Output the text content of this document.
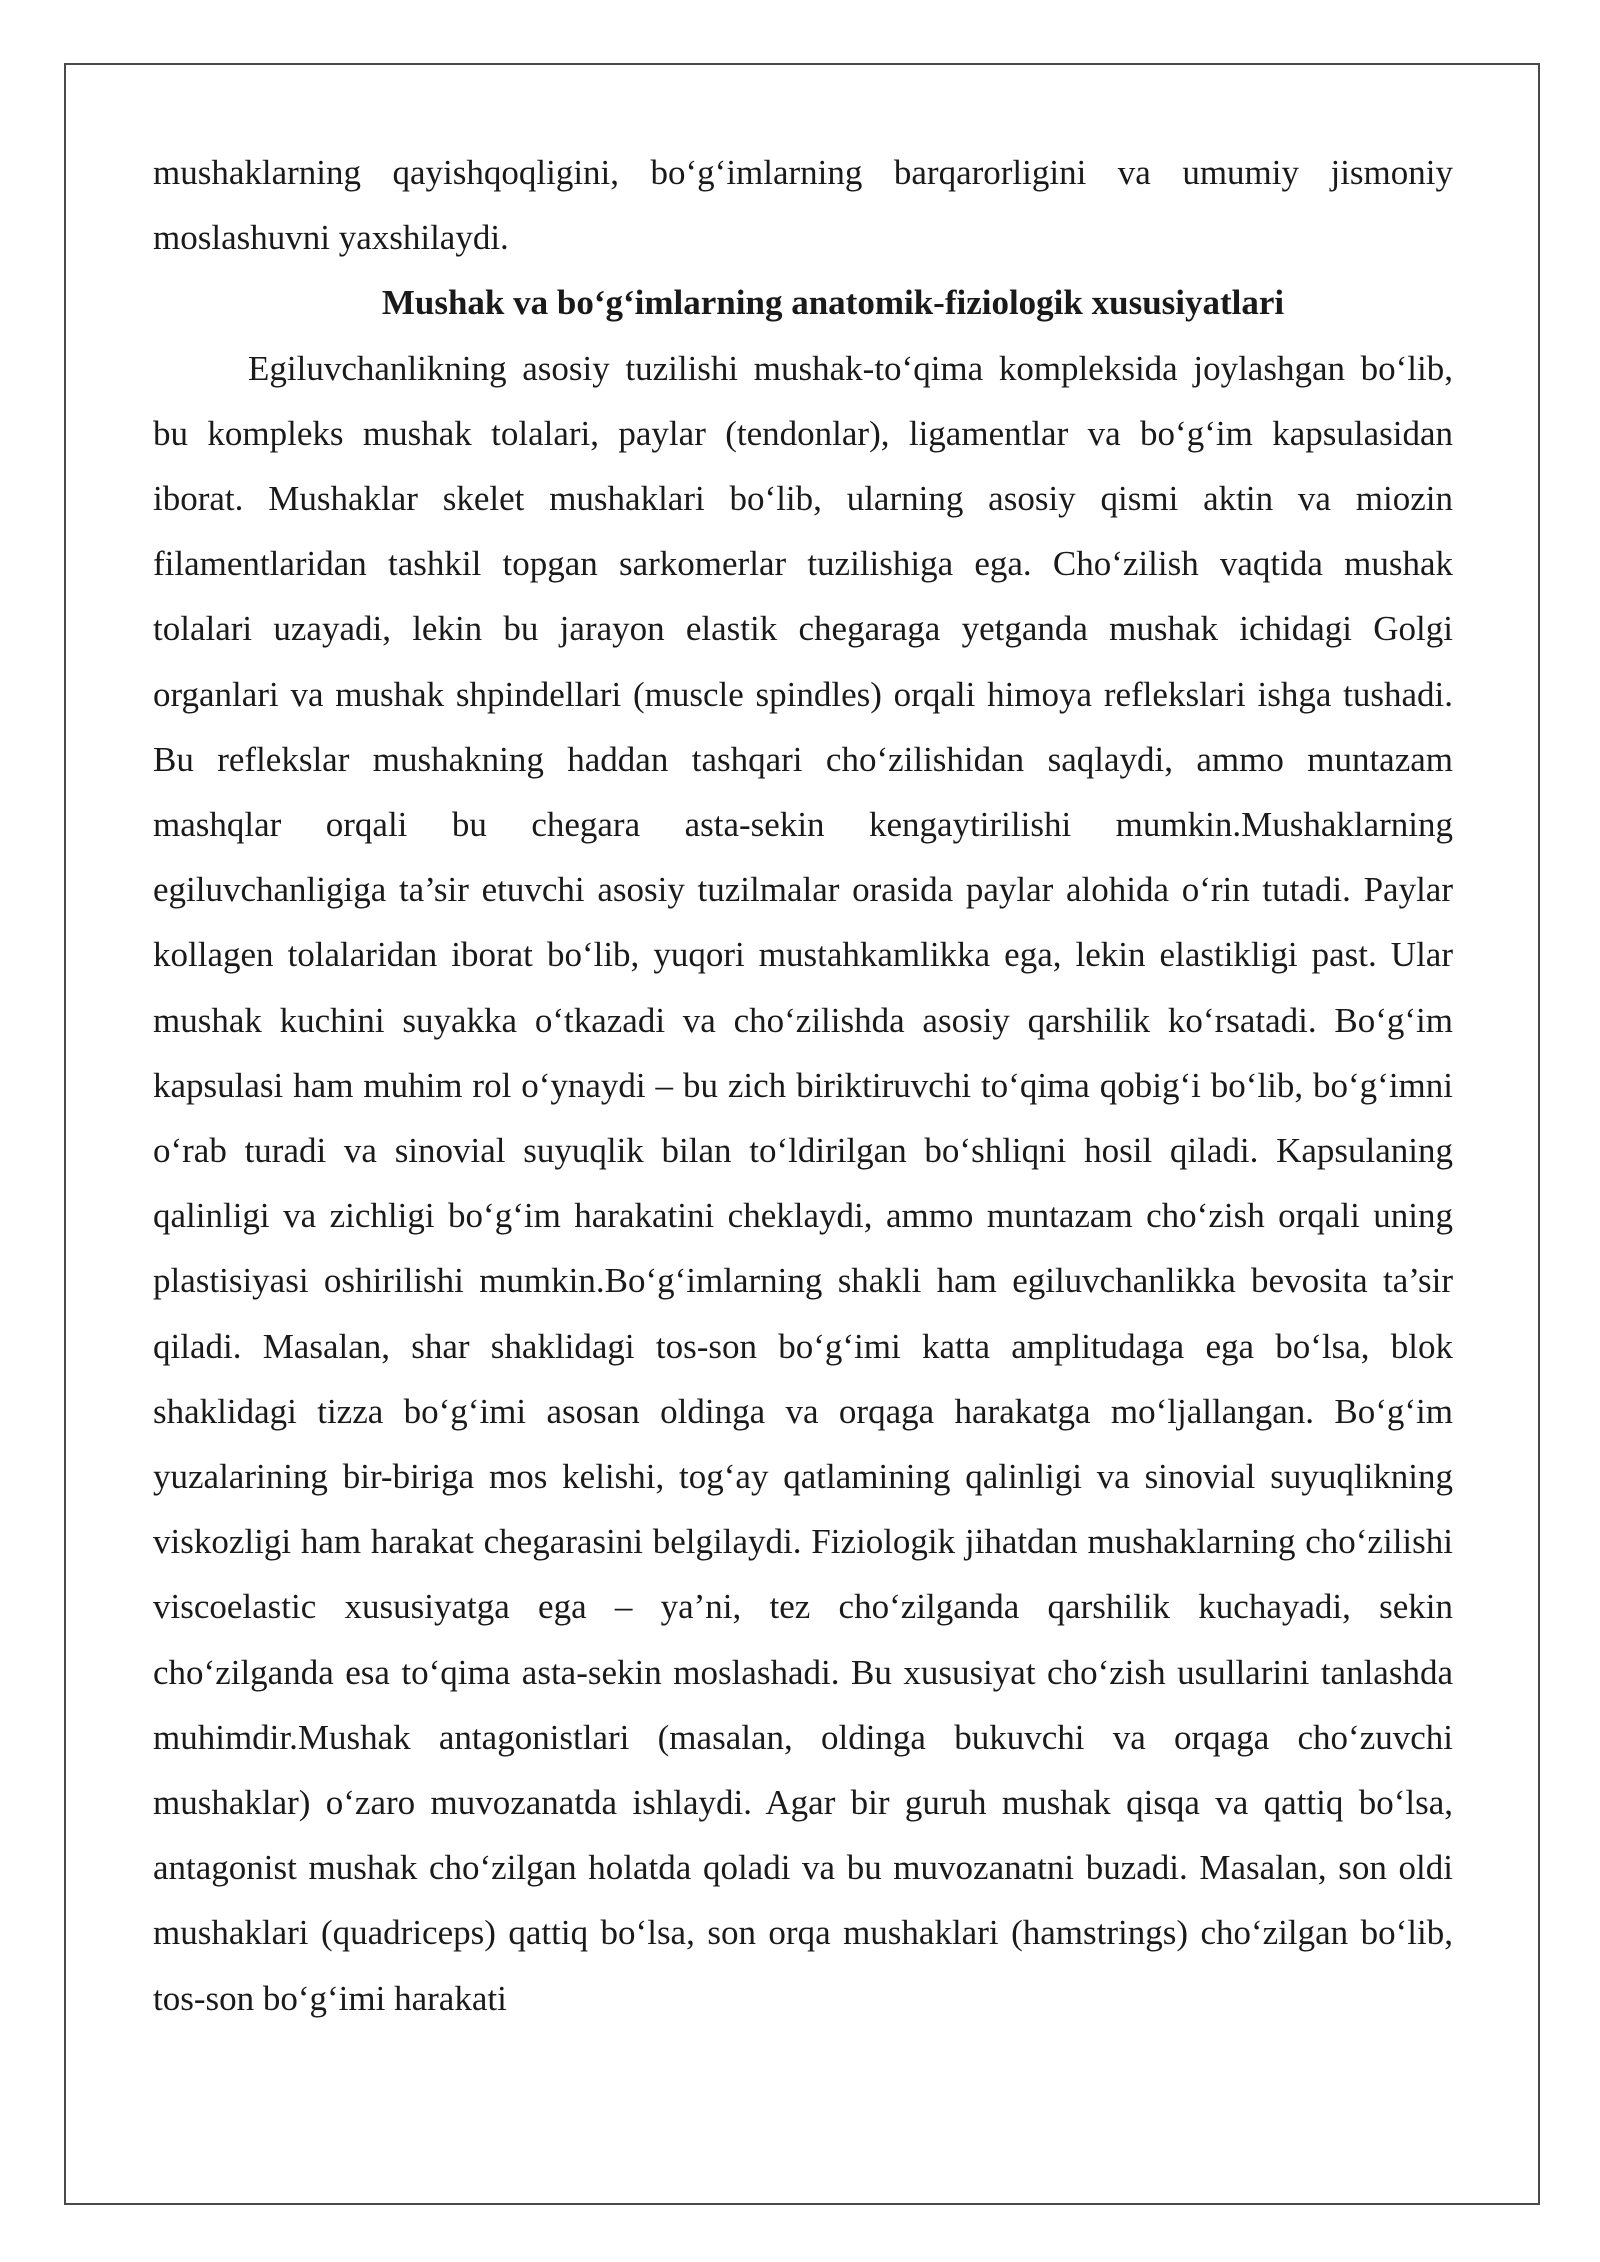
mushaklarning qayishqoqligini, bo‘g‘imlarning barqarorligini va umumiy jismoniy moslashuvni yaxshilaydi.

Mushak va bo‘g‘imlarning anatomik-fiziologik xususiyatlari

Egiluvchanlikning asosiy tuzilishi mushak-to‘qima kompleksida joylashgan bo‘lib, bu kompleks mushak tolalari, paylar (tendonlar), ligamentlar va bo‘g‘im kapsulasidan iborat. Mushaklar skelet mushaklari bo‘lib, ularning asosiy qismi aktin va miozin filamentlaridan tashkil topgan sarkomerlar tuzilishiga ega. Cho‘zilish vaqtida mushak tolalari uzayadi, lekin bu jarayon elastik chegaraga yetganda mushak ichidagi Golgi organlari va mushak shpindellari (muscle spindles) orqali himoya reflekslari ishga tushadi. Bu reflekslar mushakning haddan tashqari cho‘zilishidan saqlaydi, ammo muntazam mashqlar orqali bu chegara asta-sekin kengaytirilishi mumkin.Mushaklarning egiluvchanligiga ta’sir etuvchi asosiy tuzilmalar orasida paylar alohida o‘rin tutadi. Paylar kollagen tolalaridan iborat bo‘lib, yuqori mustahkamlikka ega, lekin elastikligi past. Ular mushak kuchini suyakka o‘tkazadi va cho‘zilishda asosiy qarshilik ko‘rsatadi. Bo‘g‘im kapsulasi ham muhim rol o‘ynaydi – bu zich biriktiruvchi to‘qima qobig‘i bo‘lib, bo‘g‘imni o‘rab turadi va sinovial suyuqlik bilan to‘ldirilgan bo‘shliqni hosil qiladi. Kapsulaning qalinligi va zichligi bo‘g‘im harakatini cheklaydi, ammo muntazam cho‘zish orqali uning plastisiyasi oshirilishi mumkin.Bo‘g‘imlarning shakli ham egiluvchanlikka bevosita ta’sir qiladi. Masalan, shar shaklidagi tos-son bo‘g‘imi katta amplitudaga ega bo‘lsa, blok shaklidagi tizza bo‘g‘imi asosan oldinga va orqaga harakatga mo‘ljallangan. Bo‘g‘im yuzalarining bir-biriga mos kelishi, tog‘ay qatlamining qalinligi va sinovial suyuqlikning viskozligi ham harakat chegarasini belgilaydi. Fiziologik jihatdan mushaklarning cho‘zilishi viscoelastic xususiyatga ega – ya’ni, tez cho‘zilganda qarshilik kuchayadi, sekin cho‘zilganda esa to‘qima asta-sekin moslashadi. Bu xususiyat cho‘zish usullarini tanlashda muhimdir.Mushak antagonistlari (masalan, oldinga bukuvchi va orqaga cho‘zuvchi mushaklar) o‘zaro muvozanatda ishlaydi. Agar bir guruh mushak qisqa va qattiq bo‘lsa, antagonist mushak cho‘zilgan holatda qoladi va bu muvozanatni buzadi. Masalan, son oldi mushaklari (quadriceps) qattiq bo‘lsa, son orqa mushaklari (hamstrings) cho‘zilgan bo‘lib, tos-son bo‘g‘imi harakati
